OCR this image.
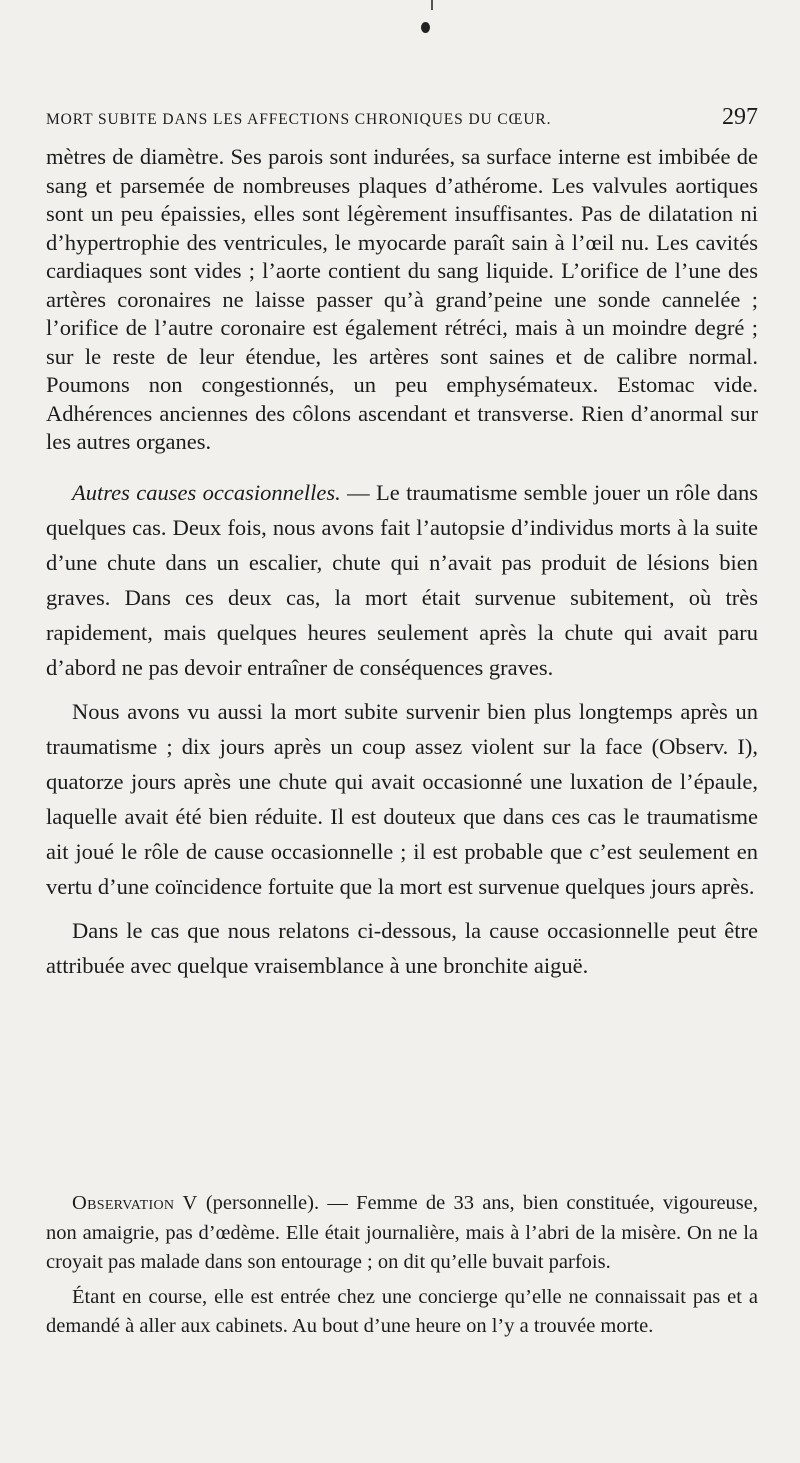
MORT SUBITE DANS LES AFFECTIONS CHRONIQUES DU CŒUR.	297

mètres de diamètre. Ses parois sont indurées, sa surface interne est imbibée de sang et parsemée de nombreuses plaques d’athérome. Les valvules aortiques sont un peu épaissies, elles sont légèrement insuffisantes. Pas de dilatation ni d’hypertrophie des ventricules, le myocarde paraît sain à l’œil nu. Les cavités cardiaques sont vides ; l’aorte contient du sang liquide. L’orifice de l’une des artères coronaires ne laisse passer qu’à grand’peine une sonde cannelée ; l’orifice de l’autre coronaire est également rétréci, mais à un moindre degré ; sur le reste de leur étendue, les artères sont saines et de calibre normal. Poumons non congestionnés, un peu emphysémateux. Estomac vide. Adhérences anciennes des côlons ascendant et transverse. Rien d’anormal sur les autres organes.

Autres causes occasionnelles. — Le traumatisme semble jouer un rôle dans quelques cas. Deux fois, nous avons fait l’autopsie d’individus morts à la suite d’une chute dans un escalier, chute qui n’avait pas produit de lésions bien graves. Dans ces deux cas, la mort était survenue subitement, où très rapidement, mais quelques heures seulement après la chute qui avait paru d’abord ne pas devoir entraîner de conséquences graves.

Nous avons vu aussi la mort subite survenir bien plus longtemps après un traumatisme ; dix jours après un coup assez violent sur la face (Observ. I), quatorze jours après une chute qui avait occasionné une luxation de l’épaule, laquelle avait été bien réduite. Il est douteux que dans ces cas le traumatisme ait joué le rôle de cause occasionnelle ; il est probable que c’est seulement en vertu d’une coïncidence fortuite que la mort est survenue quelques jours après.

Dans le cas que nous relatons ci-dessous, la cause occasionnelle peut être attribuée avec quelque vraisemblance à une bronchite aiguë.

Observation V (personnelle). — Femme de 33 ans, bien constituée, vigoureuse, non amaigrie, pas d’œdème. Elle était journalière, mais à l’abri de la misère. On ne la croyait pas malade dans son entourage ; on dit qu’elle buvait parfois.

Étant en course, elle est entrée chez une concierge qu’elle ne connaissait pas et a demandé à aller aux cabinets. Au bout d’une heure on l’y a trouvée morte.
